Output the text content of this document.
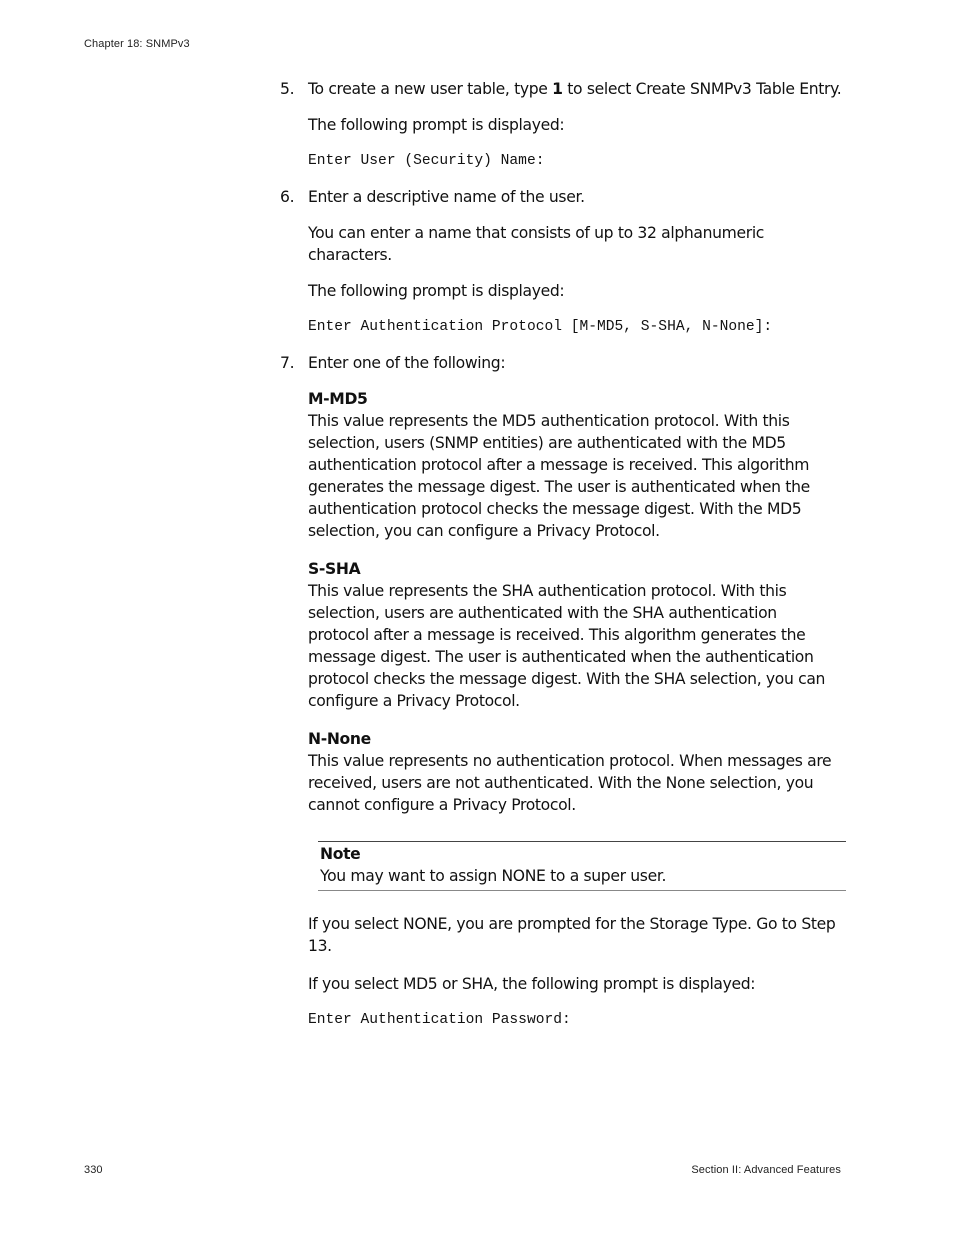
Chapter 18: SNMPv3
5. To create a new user table, type 1 to select Create SNMPv3 Table Entry.

The following prompt is displayed:

Enter User (Security) Name:

6. Enter a descriptive name of the user.

You can enter a name that consists of up to 32 alphanumeric characters.

The following prompt is displayed:

Enter Authentication Protocol [M-MD5, S-SHA, N-None]:

7. Enter one of the following:

M-MD5

This value represents the MD5 authentication protocol. With this selection, users (SNMP entities) are authenticated with the MD5 authentication protocol after a message is received. This algorithm generates the message digest. The user is authenticated when the authentication protocol checks the message digest. With the MD5 selection, you can configure a Privacy Protocol.

S-SHA

This value represents the SHA authentication protocol. With this selection, users are authenticated with the SHA authentication protocol after a message is received. This algorithm generates the message digest. The user is authenticated when the authentication protocol checks the message digest. With the SHA selection, you can configure a Privacy Protocol.

N-None

This value represents no authentication protocol. When messages are received, users are not authenticated. With the None selection, you cannot configure a Privacy Protocol.

Note

You may want to assign NONE to a super user.

If you select NONE, you are prompted for the Storage Type. Go to Step 13.

If you select MD5 or SHA, the following prompt is displayed:

Enter Authentication Password:

330	Section II: Advanced Features
